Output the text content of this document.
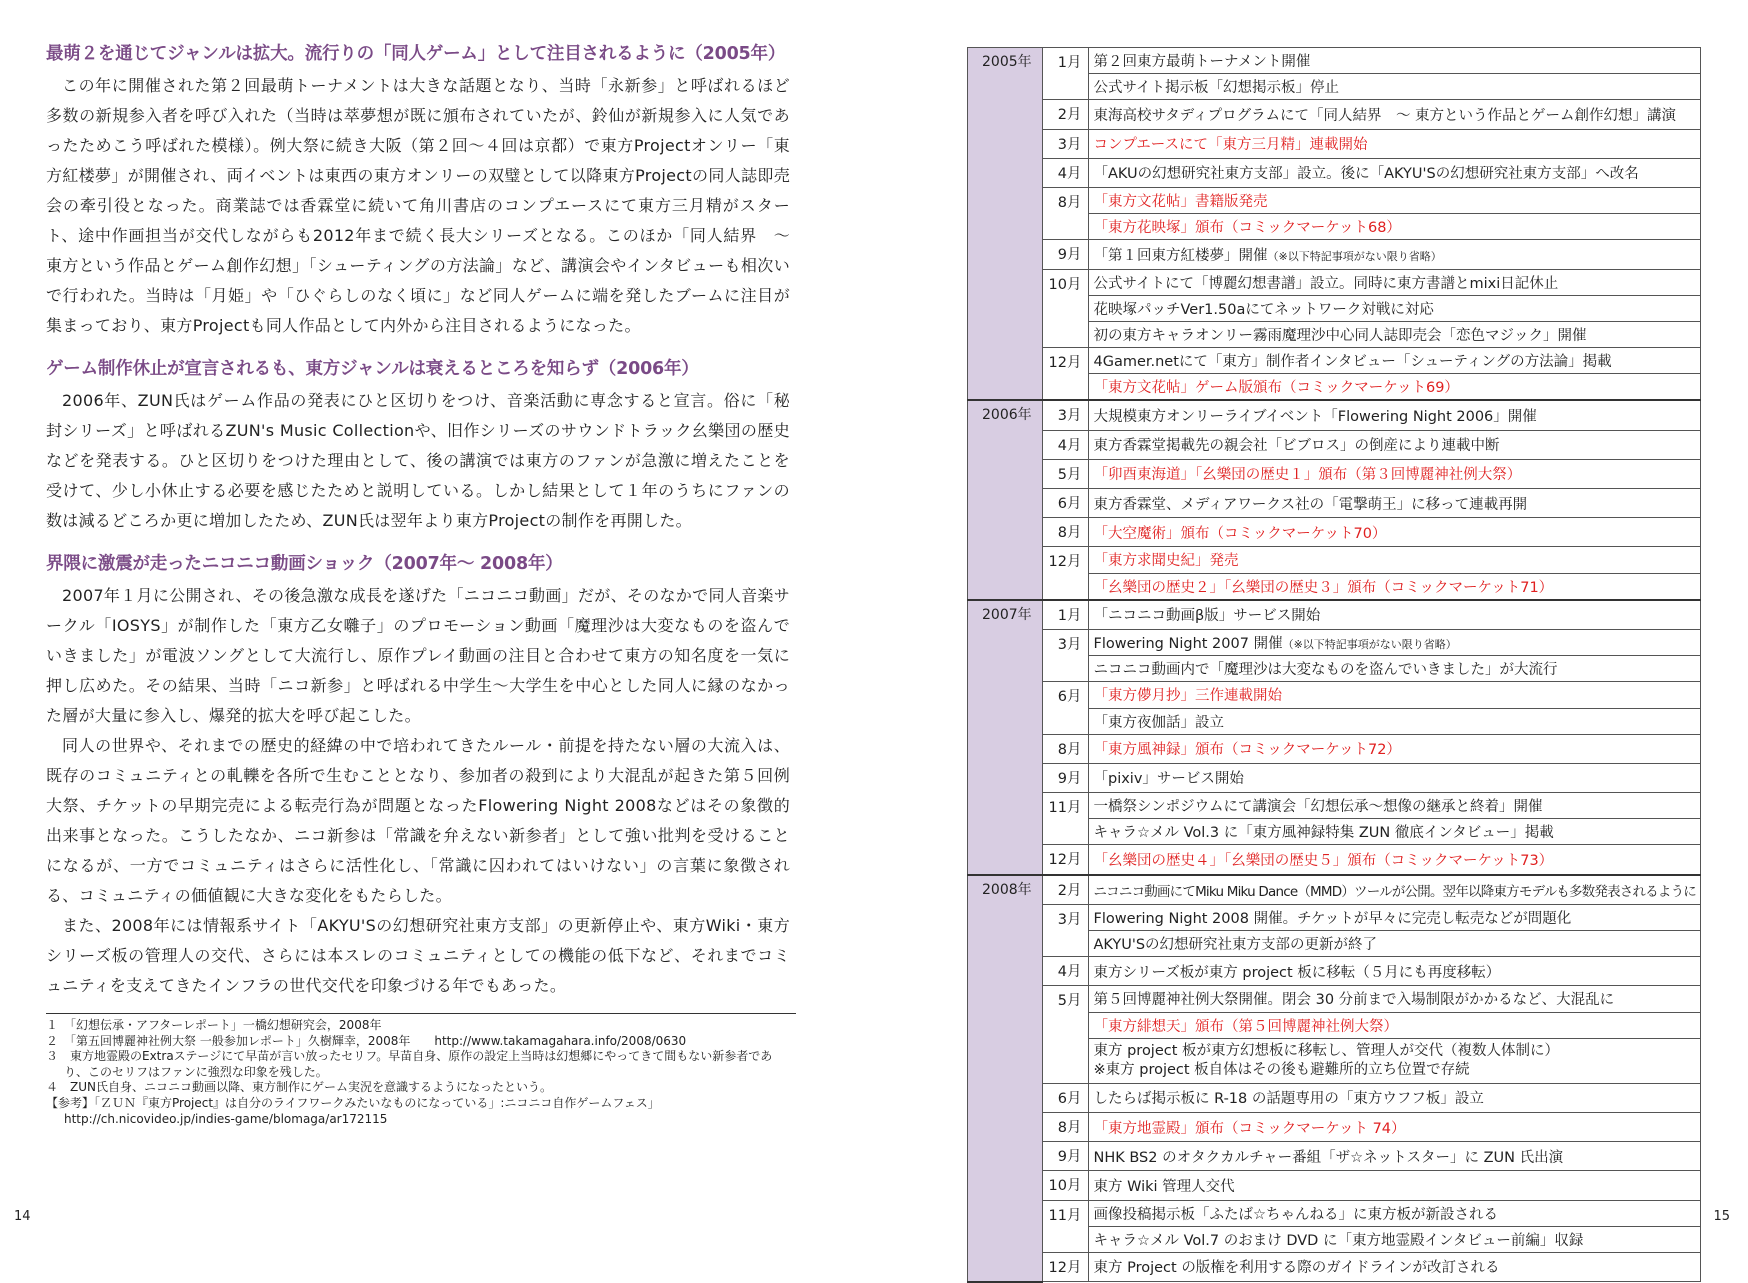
最萌２を通じてジャンルは拡大。流行りの「同人ゲーム」として注目されるように（2005年）

この年に開催された第２回最萌トーナメントは大きな話題となり、当時「永新参」と呼ばれるほど多数の新規参入者を呼び入れた（当時は萃夢想が既に頒布されていたが、鈴仙が新規参入に人気であったためこう呼ばれた模様）。例大祭に続き大阪（第２回〜４回は京都）で東方Projectオンリー「東方紅楼夢」が開催され、両イベントは東西の東方オンリーの双璧として以降東方Projectの同人誌即売会の牽引役となった。商業誌では香霖堂に続いて角川書店のコンプエースにて東方三月精がスタート、途中作画担当が交代しながらも2012年まで続く長大シリーズとなる。このほか「同人結界　〜 東方という作品とゲーム創作幻想」「シューティングの方法論」など、講演会やインタビューも相次いで行われた。当時は「月姫」や「ひぐらしのなく頃に」など同人ゲームに端を発したブームに注目が集まっており、東方Projectも同人作品として内外から注目されるようになった。

ゲーム制作休止が宣言されるも、東方ジャンルは衰えるところを知らず（2006年）

2006年、ZUN氏はゲーム作品の発表にひと区切りをつけ、音楽活動に専念すると宣言。俗に「秘封シリーズ」と呼ばれるZUN's Music Collectionや、旧作シリーズのサウンドトラック幺樂団の歴史などを発表する。ひと区切りをつけた理由として、後の講演では東方のファンが急激に増えたことを受けて、少し小休止する必要を感じたためと説明している。しかし結果として１年のうちにファンの数は減るどころか更に増加したため、ZUN氏は翌年より東方Projectの制作を再開した。

界隈に激震が走ったニコニコ動画ショック（2007年〜 2008年）

2007年１月に公開され、その後急激な成長を遂げた「ニコニコ動画」だが、そのなかで同人音楽サークル「IOSYS」が制作した「東方乙女囃子」のプロモーション動画「魔理沙は大変なものを盗んでいきました」が電波ソングとして大流行し、原作プレイ動画の注目と合わせて東方の知名度を一気に押し広めた。その結果、当時「ニコ新参」と呼ばれる中学生〜大学生を中心とした同人に縁のなかった層が大量に参入し、爆発的拡大を呼び起こした。

同人の世界や、それまでの歴史的経緯の中で培われてきたルール・前提を持たない層の大流入は、既存のコミュニティとの軋轢を各所で生むこととなり、参加者の殺到により大混乱が起きた第５回例大祭、チケットの早期完売による転売行為が問題となったFlowering Night 2008などはその象徴的出来事となった。こうしたなか、ニコ新参は「常識を弁えない新参者」として強い批判を受けることになるが、一方でコミュニティはさらに活性化し、「常識に囚われてはいけない」の言葉に象徴される、コミュニティの価値観に大きな変化をもたらした。

また、2008年には情報系サイト「AKYU'Sの幻想研究社東方支部」の更新停止や、東方Wiki・東方シリーズ板の管理人の交代、さらには本スレのコミュニティとしての機能の低下など、それまでコミュニティを支えてきたインフラの世代交代を印象づける年でもあった。

１　「幻想伝承・アフターレポート」一橋幻想研究会，2008年
２　「第五回博麗神社例大祭 一般参加レポート」久樹輝幸，2008年　　http://www.takamagahara.info/2008/0630
３　東方地霊殿のExtraステージにて早苗が言い放ったセリフ。早苗自身、原作の設定上当時は幻想郷にやってきて間もない新参者であり、このセリフはファンに強烈な印象を残した。
４　ZUN氏自身、ニコニコ動画以降、東方制作にゲーム実況を意識するようになったという。
【参考】「ＺＵＮ『東方Project』は自分のライフワークみたいなものになっている」:ニコニコ自作ゲームフェス」　http://ch.nicovideo.jp/indies-game/blomaga/ar172115
14
2005年	1月	第２回東方最萌トーナメント開催
		公式サイト掲示板「幻想掲示板」停止
	2月	東海高校サタディプログラムにて「同人結界　〜 東方という作品とゲーム創作幻想」講演
	3月	コンプエースにて「東方三月精」連載開始
	4月	「AKUの幻想研究社東方支部」設立。後に「AKYU'Sの幻想研究社東方支部」へ改名
	8月	「東方文花帖」書籍版発売
		「東方花映塚」頒布（コミックマーケット68）
	9月	「第１回東方紅楼夢」開催（※以下特記事項がない限り省略）
	10月	公式サイトにて「博麗幻想書譜」設立。同時に東方書譜とmixi日記休止
		花映塚パッチVer1.50aにてネットワーク対戦に対応
		初の東方キャラオンリー霧雨魔理沙中心同人誌即売会「恋色マジック」開催
	12月	4Gamer.netにて「東方」制作者インタビュー「シューティングの方法論」掲載
		「東方文花帖」ゲーム版頒布（コミックマーケット69）
2006年	3月	大規模東方オンリーライブイベント「Flowering Night 2006」開催
	4月	東方香霖堂掲載先の親会社「ビブロス」の倒産により連載中断
	5月	「卯酉東海道」「幺樂団の歴史１」頒布（第３回博麗神社例大祭）
	6月	東方香霖堂、メディアワークス社の「電撃萌王」に移って連載再開
	8月	「大空魔術」頒布（コミックマーケット70）
	12月	「東方求聞史紀」発売
		「幺樂団の歴史２」「幺樂団の歴史３」頒布（コミックマーケット71）
2007年	1月	「ニコニコ動画β版」サービス開始
	3月	Flowering Night 2007 開催（※以下特記事項がない限り省略）
		ニコニコ動画内で「魔理沙は大変なものを盗んでいきました」が大流行
	6月	「東方儚月抄」三作連載開始
		「東方夜伽話」設立
	8月	「東方風神録」頒布（コミックマーケット72）
	9月	「pixiv」サービス開始
	11月	一橋祭シンポジウムにて講演会「幻想伝承〜想像の継承と終着」開催
		キャラ☆メル Vol.3 に「東方風神録特集 ZUN 徹底インタビュー」掲載
	12月	「幺樂団の歴史４」「幺樂団の歴史５」頒布（コミックマーケット73）
2008年	2月	ニコニコ動画にてMiku Miku Dance（MMD）ツールが公開。翌年以降東方モデルも多数発表されるように
	3月	Flowering Night 2008 開催。チケットが早々に完売し転売などが問題化
		AKYU'Sの幻想研究社東方支部の更新が終了
	4月	東方シリーズ板が東方 project 板に移転（５月にも再度移転）
	5月	第５回博麗神社例大祭開催。閉会 30 分前まで入場制限がかかるなど、大混乱に
		「東方緋想天」頒布（第５回博麗神社例大祭）
		東方 project 板が東方幻想板に移転し、管理人が交代（複数人体制に）
※東方 project 板自体はその後も避難所的立ち位置で存続
	6月	したらば掲示板に R-18 の話題専用の「東方ウフフ板」設立
	8月	「東方地霊殿」頒布（コミックマーケット 74）
	9月	NHK BS2 のオタクカルチャー番組「ザ☆ネットスター」に ZUN 氏出演
	10月	東方 Wiki 管理人交代
	11月	画像投稿掲示板「ふたば☆ちゃんねる」に東方板が新設される
		キャラ☆メル Vol.7 のおまけ DVD に「東方地霊殿インタビュー前編」収録
	12月	東方 Project の版権を利用する際のガイドラインが改訂される
15
